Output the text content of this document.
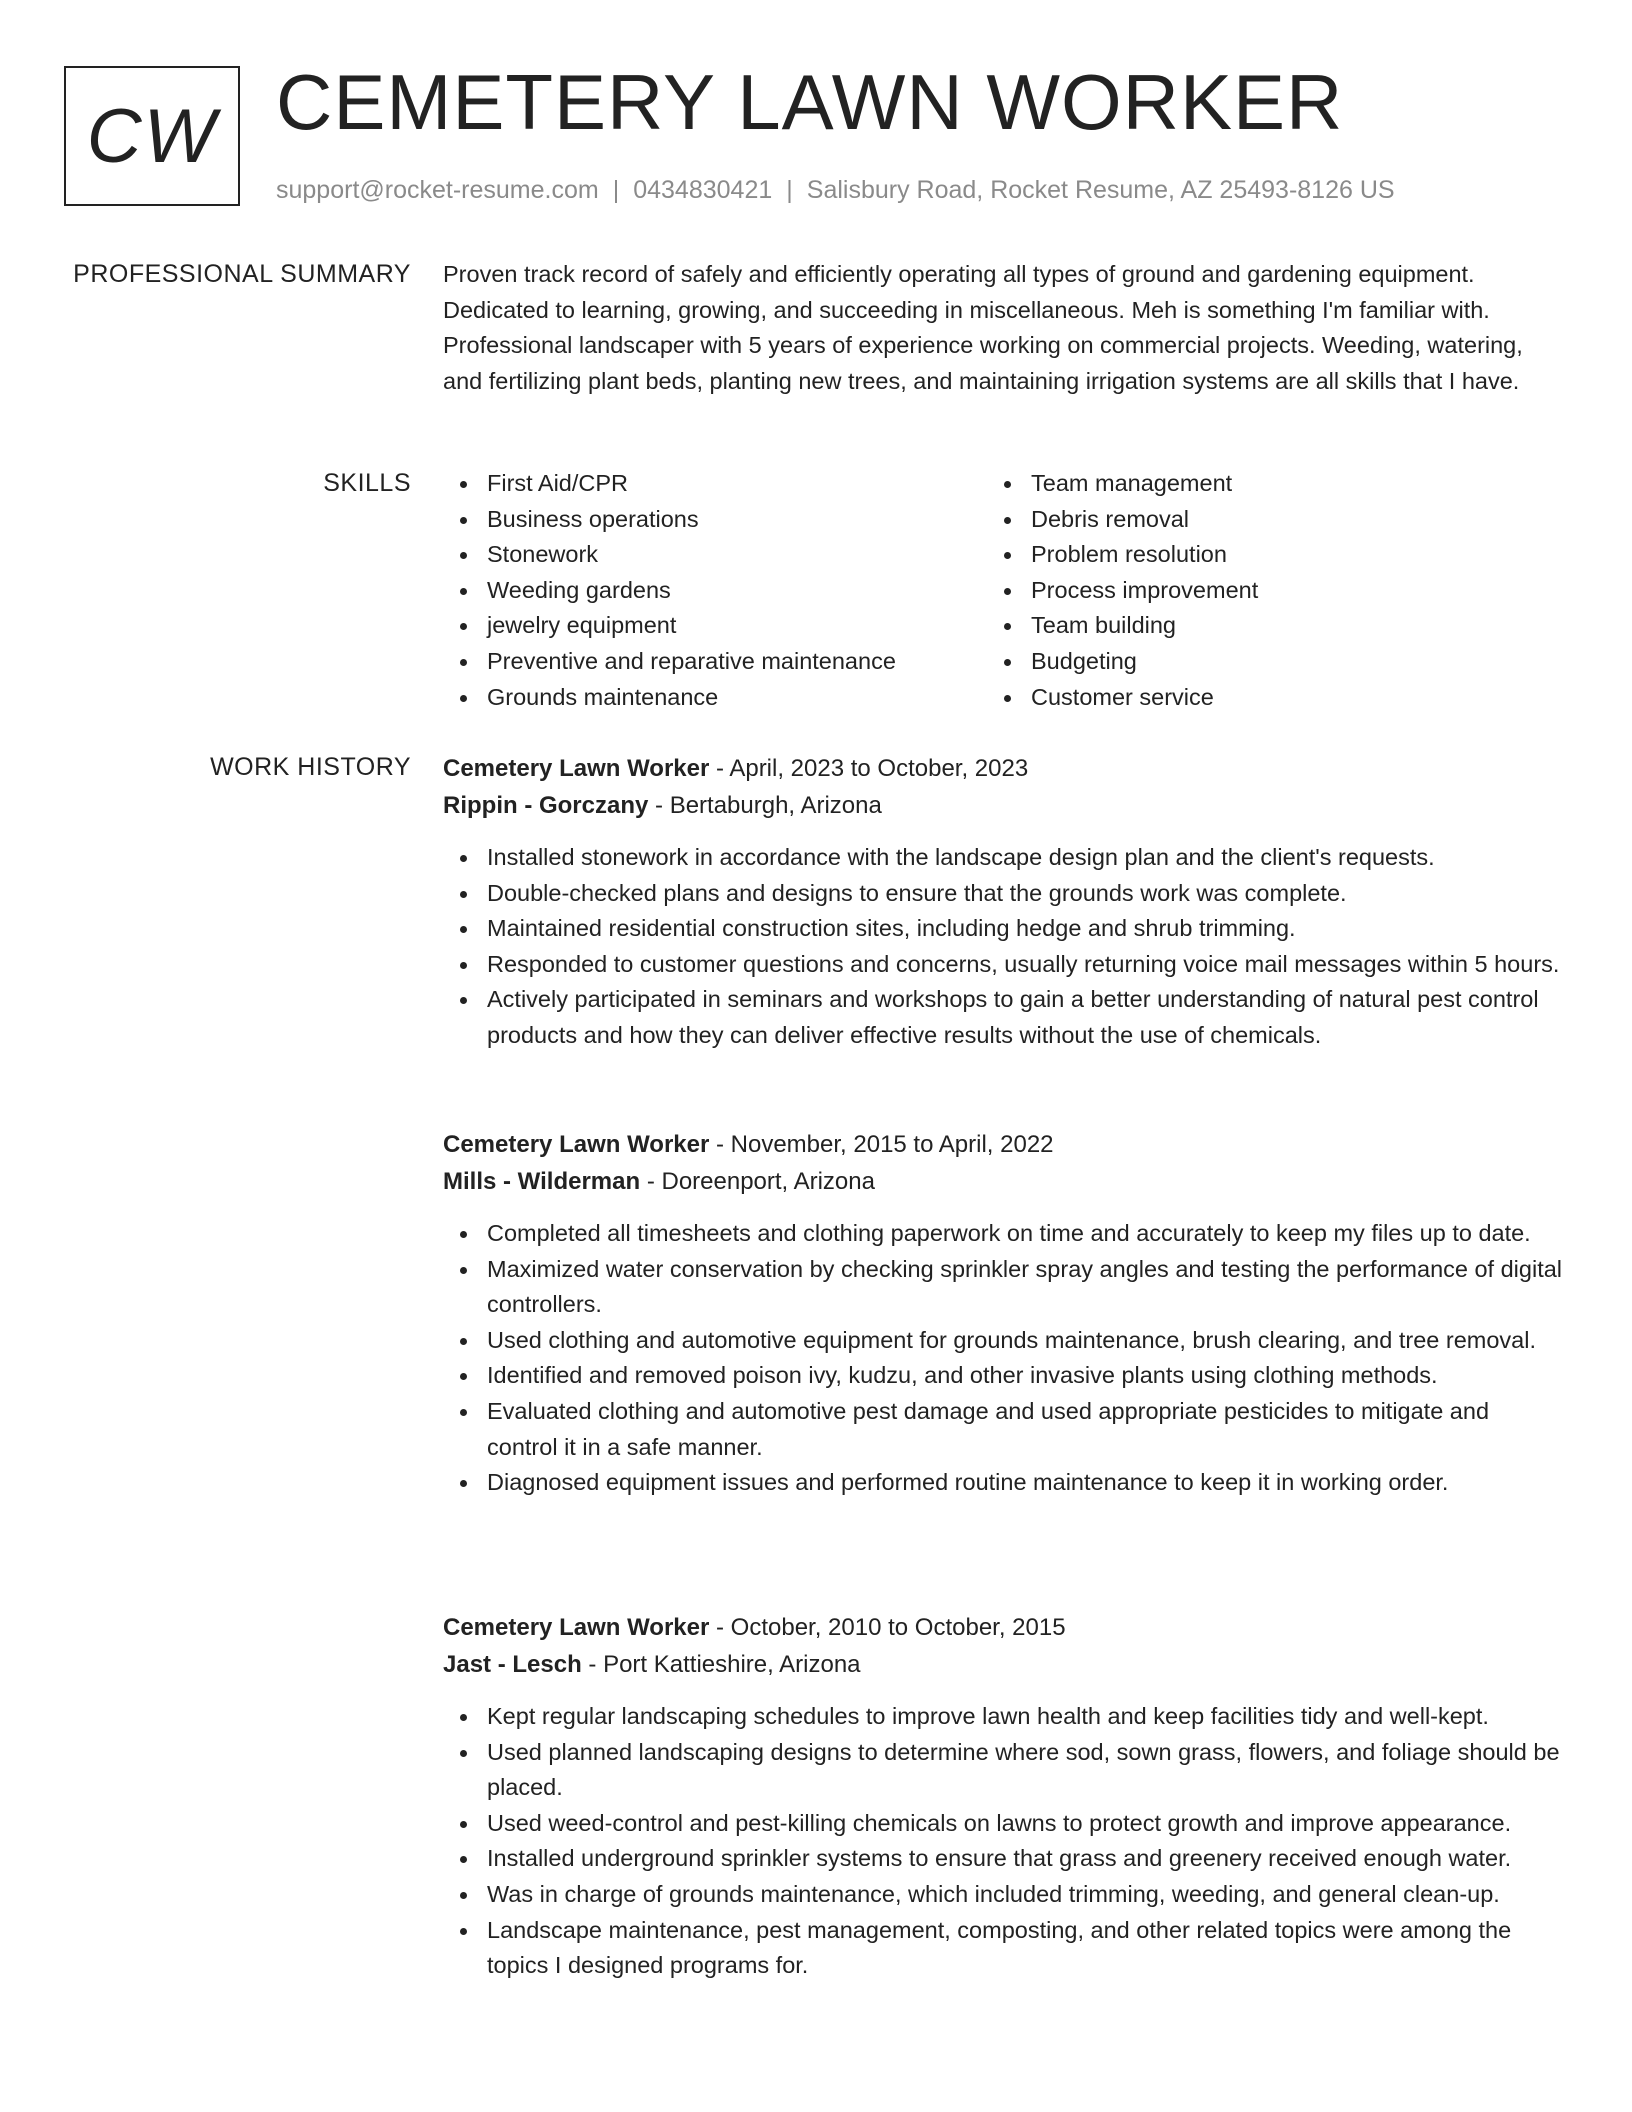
CW CEMETERY LAWN WORKER
support@rocket-resume.com | 0434830421 | Salisbury Road, Rocket Resume, AZ 25493-8126 US
PROFESSIONAL SUMMARY Proven track record of safely and efficiently operating all types of ground and gardening equipment. Dedicated to learning, growing, and succeeding in miscellaneous. Meh is something I'm familiar with. Professional landscaper with 5 years of experience working on commercial projects. Weeding, watering, and fertilizing plant beds, planting new trees, and maintaining irrigation systems are all skills that I have.

SKILLS	First Aid/CPR
Business operations
Stonework
Weeding gardens
jewelry equipment
Preventive and reparative maintenance
Grounds maintenance
Team management
Debris removal
Problem resolution
Process improvement
Team building
Budgeting
Customer service
WORK HISTORY Cemetery Lawn Worker - April, 2023 to October, 2023
Rippin - Gorczany - Bertaburgh, Arizona
Installed stonework in accordance with the landscape design plan and the client's requests.
Double-checked plans and designs to ensure that the grounds work was complete.
Maintained residential construction sites, including hedge and shrub trimming.
Responded to customer questions and concerns, usually returning voice mail messages within 5 hours.
Actively participated in seminars and workshops to gain a better understanding of natural pest control products and how they can deliver effective results without the use of chemicals.
Cemetery Lawn Worker - November, 2015 to April, 2022
Mills - Wilderman - Doreenport, Arizona
Completed all timesheets and clothing paperwork on time and accurately to keep my files up to date.
Maximized water conservation by checking sprinkler spray angles and testing the performance of digital controllers.
Used clothing and automotive equipment for grounds maintenance, brush clearing, and tree removal.
Identified and removed poison ivy, kudzu, and other invasive plants using clothing methods.
Evaluated clothing and automotive pest damage and used appropriate pesticides to mitigate and control it in a safe manner.
Diagnosed equipment issues and performed routine maintenance to keep it in working order.
Cemetery Lawn Worker - October, 2010 to October, 2015
Jast - Lesch - Port Kattieshire, Arizona
Kept regular landscaping schedules to improve lawn health and keep facilities tidy and well-kept.
Used planned landscaping designs to determine where sod, sown grass, flowers, and foliage should be placed.
Used weed-control and pest-killing chemicals on lawns to protect growth and improve appearance.
Installed underground sprinkler systems to ensure that grass and greenery received enough water.
Was in charge of grounds maintenance, which included trimming, weeding, and general clean-up.
Landscape maintenance, pest management, composting, and other related topics were among the topics I designed programs for.
